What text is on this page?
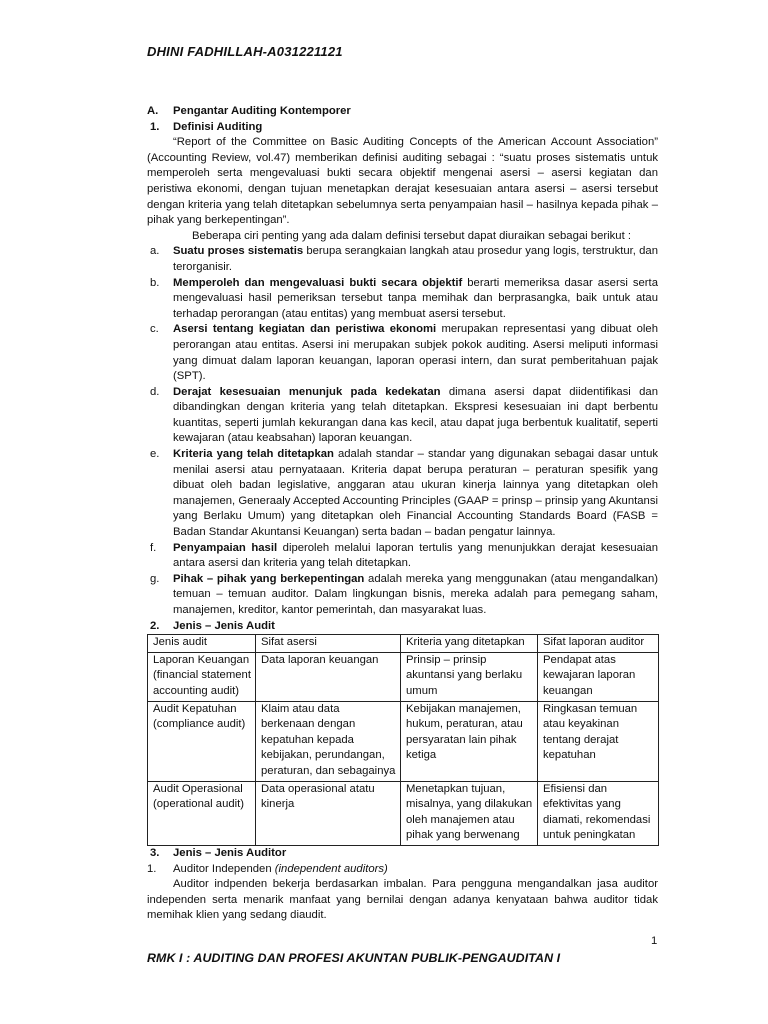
DHINI FADHILLAH-A031221121
A.	Pengantar Auditing Kontemporer
1.	Definisi Auditing

“Report of the Committee on Basic Auditing Concepts of the American Account Association” (Accounting Review, vol.47) memberikan definisi auditing sebagai : “suatu proses sistematis untuk memperoleh serta mengevaluasi bukti secara objektif mengenai asersi – asersi kegiatan dan peristiwa ekonomi, dengan tujuan menetapkan derajat kesesuaian antara asersi – asersi tersebut dengan kriteria yang telah ditetapkan sebelumnya serta penyampaian hasil – hasilnya kepada pihak – pihak yang berkepentingan”.

Beberapa ciri penting yang ada dalam definisi tersebut dapat diuraikan sebagai berikut :

a.	Suatu proses sistematis berupa serangkaian langkah atau prosedur yang logis, terstruktur, dan terorganisir.
b.	Memperoleh dan mengevaluasi bukti secara objektif berarti memeriksa dasar asersi serta mengevaluasi hasil pemeriksan tersebut tanpa memihak dan berprasangka, baik untuk atau terhadap perorangan (atau entitas) yang membuat asersi tersebut.
c.	Asersi tentang kegiatan dan peristiwa ekonomi merupakan representasi yang dibuat oleh perorangan atau entitas. Asersi ini merupakan subjek pokok auditing. Asersi meliputi informasi yang dimuat dalam laporan keuangan, laporan operasi intern, dan surat pemberitahuan pajak (SPT).
d.	Derajat kesesuaian menunjuk pada kedekatan dimana asersi dapat diidentifikasi dan dibandingkan dengan kriteria yang telah ditetapkan. Ekspresi kesesuaian ini dapt berbentu kuantitas, seperti jumlah kekurangan dana kas kecil, atau dapat juga berbentuk kualitatif, seperti kewajaran (atau keabsahan) laporan keuangan.
e.	Kriteria yang telah ditetapkan adalah standar – standar yang digunakan sebagai dasar untuk menilai asersi atau pernyataaan. Kriteria dapat berupa peraturan – peraturan spesifik yang dibuat oleh badan legislative, anggaran atau ukuran kinerja lainnya yang ditetapkan oleh manajemen, Generaaly Accepted Accounting Principles (GAAP = prinsp – prinsip yang Akuntansi yang Berlaku Umum) yang ditetapkan oleh Financial Accounting Standards Board (FASB = Badan Standar Akuntansi Keuangan) serta badan – badan pengatur lainnya.
f.	Penyampaian hasil diperoleh melalui laporan tertulis yang menunjukkan derajat kesesuaian antara asersi dan kriteria yang telah ditetapkan.
g.	Pihak – pihak yang berkepentingan adalah mereka yang menggunakan (atau mengandalkan) temuan – temuan auditor. Dalam lingkungan bisnis, mereka adalah para pemegang saham, manajemen, kreditor, kantor pemerintah, dan masyarakat luas.
2.	Jenis – Jenis Audit
Jenis audit	Sifat asersi	Kriteria yang ditetapkan	Sifat laporan auditor
Laporan Keuangan (financial statement accounting audit)	Data laporan keuangan	Prinsip – prinsip akuntansi yang berlaku umum	Pendapat atas kewajaran laporan keuangan
Audit Kepatuhan (compliance audit)	Klaim atau data berkenaan dengan kepatuhan kepada kebijakan, perundangan, peraturan, dan sebagainya	Kebijakan manajemen, hukum, peraturan, atau persyaratan lain pihak ketiga	Ringkasan temuan atau keyakinan tentang derajat kepatuhan
Audit Operasional (operational audit)	Data operasional atatu kinerja	Menetapkan tujuan, misalnya, yang dilakukan oleh manajemen atau pihak yang berwenang	Efisiensi dan efektivitas yang diamati, rekomendasi untuk peningkatan
3.	Jenis – Jenis Auditor
1.	Auditor Independen (independent auditors)

Auditor indpenden bekerja berdasarkan imbalan. Para pengguna mengandalkan jasa auditor independen serta menarik manfaat yang bernilai dengan adanya kenyataan bahwa auditor tidak memihak klien yang sedang diaudit.

1
RMK I : AUDITING DAN PROFESI AKUNTAN PUBLIK-PENGAUDITAN I
